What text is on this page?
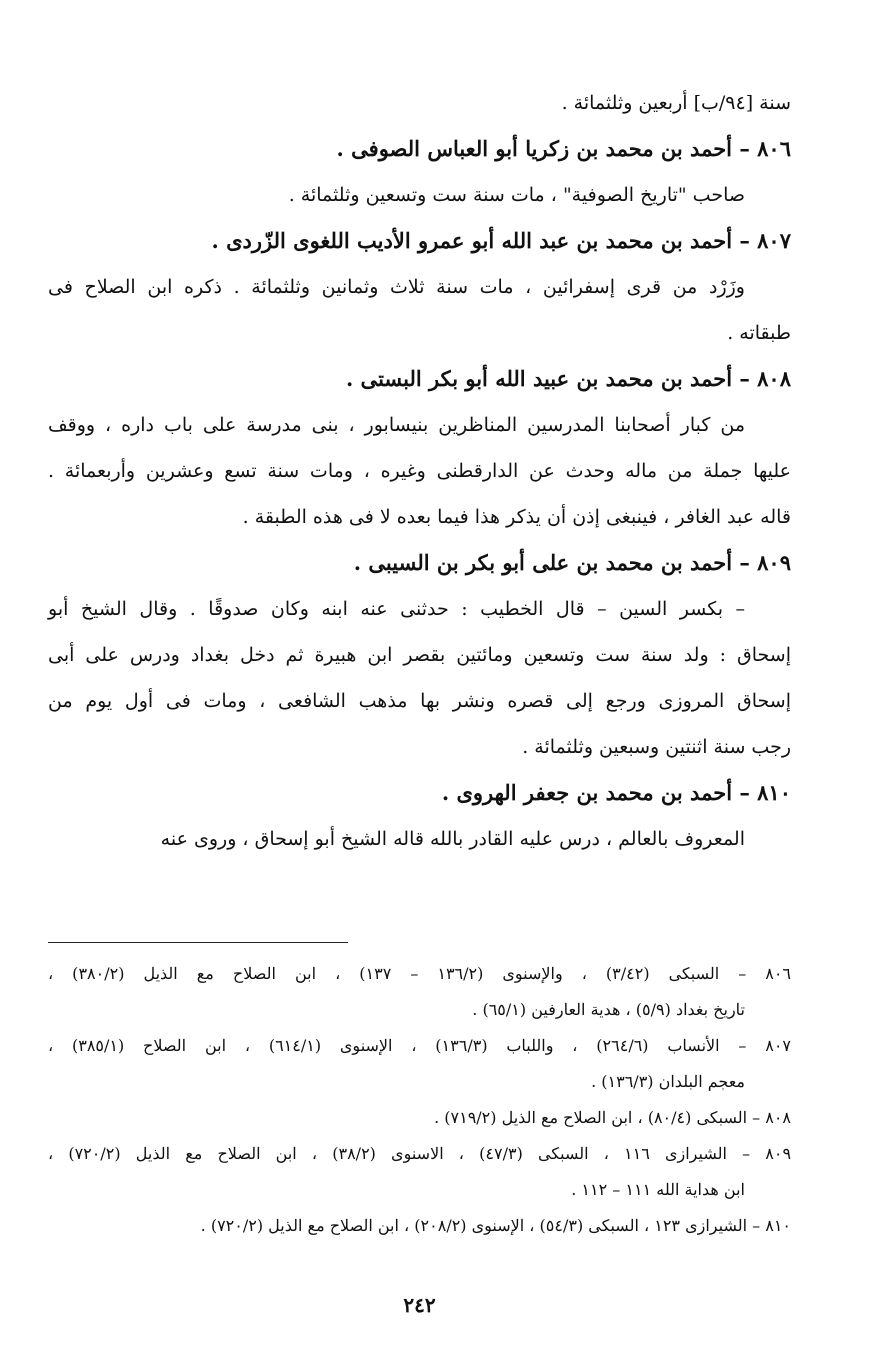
سنة [٩٤/ب] أربعين وثلثمائة .
٨٠٦ – أحمد بن محمد بن زكريا أبو العباس الصوفى .
صاحب "تاريخ الصوفية" ، مات سنة ست وتسعين وثلثمائة .
٨٠٧ – أحمد بن محمد بن عبد الله أبو عمرو الأديب اللغوى الزّردى .
وزَرْد من قرى إسفرائين ، مات سنة ثلاث وثمانين وثلثمائة . ذكره ابن الصلاح فى
طبقاته .
٨٠٨ – أحمد بن محمد بن عبيد الله أبو بكر البستى .
من كبار أصحابنا المدرسين المناظرين بنيسابور ، بنى مدرسة على باب داره ، ووقف
عليها جملة من ماله وحدث عن الدارقطنى وغيره ، ومات سنة تسع وعشرين وأربعمائة .
قاله عبد الغافر ، فينبغى إذن أن يذكر هذا فيما بعده لا فى هذه الطبقة .
٨٠٩ – أحمد بن محمد بن على أبو بكر بن السيبى .
– بكسر السين – قال الخطيب : حدثنى عنه ابنه وكان صدوقًا . وقال الشيخ أبو
إسحاق : ولد سنة ست وتسعين ومائتين بقصر ابن هبيرة ثم دخل بغداد ودرس على أبى
إسحاق المروزى ورجع إلى قصره ونشر بها مذهب الشافعى ، ومات فى أول يوم من
رجب سنة اثنتين وسبعين وثلثمائة .
٨١٠ – أحمد بن محمد بن جعفر الهروى .
المعروف بالعالم ، درس عليه القادر بالله قاله الشيخ أبو إسحاق ، وروى عنه
٨٠٦ – السبكى (٣/٤٢) ، والإسنوى (١٣٦/٢ – ١٣٧) ، ابن الصلاح مع الذيل (٣٨٠/٢) ،
تاريخ بغداد (٥/٩) ، هدية العارفين (٦٥/١) .
٨٠٧ – الأنساب (٢٦٤/٦) ، واللباب (١٣٦/٣) ، الإسنوى (٦١٤/١) ، ابن الصلاح (٣٨٥/١) ،
معجم البلدان (١٣٦/٣) .
٨٠٨ – السبكى (٨٠/٤) ، ابن الصلاح مع الذيل (٧١٩/٢) .
٨٠٩ – الشيرازى ١١٦ ، السبكى (٤٧/٣) ، الاسنوى (٣٨/٢) ، ابن الصلاح مع الذيل (٧٢٠/٢) ،
ابن هداية الله ١١١ – ١١٢ .
٨١٠ – الشيرازى ١٢٣ ، السبكى (٥٤/٣) ، الإسنوى (٢٠٨/٢) ، ابن الصلاح مع الذيل (٧٢٠/٢) .
٢٤٢
